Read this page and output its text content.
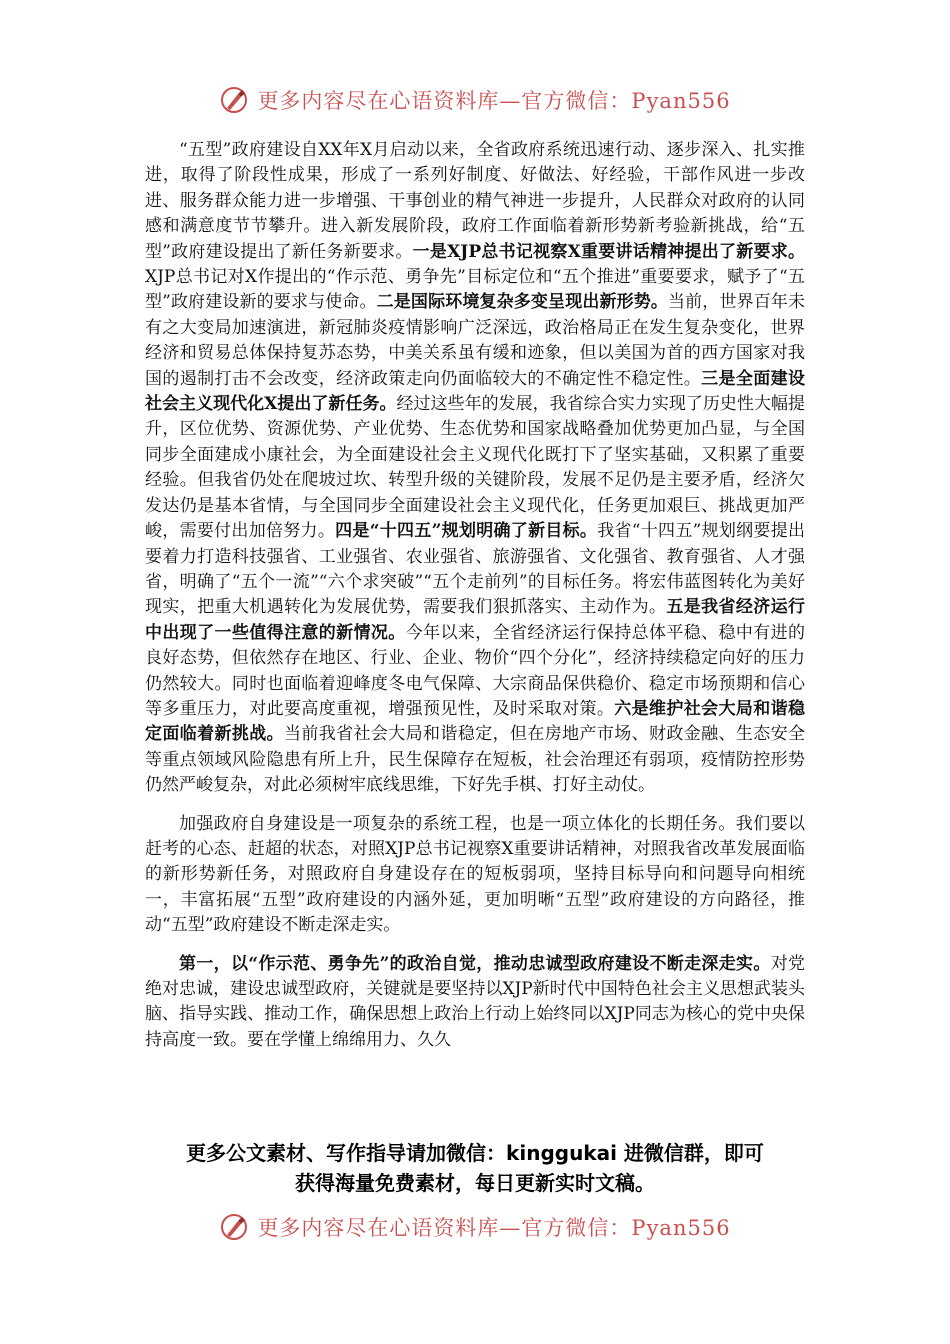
更多内容尽在心语资料库—官方微信：Pyan556

“五型”政府建设自XX年X月启动以来，全省政府系统迅速行动、逐步深入、扎实推进，取得了阶段性成果，形成了一系列好制度、好做法、好经验，干部作风进一步改进、服务群众能力进一步增强、干事创业的精气神进一步提升，人民群众对政府的认同感和满意度节节攀升。进入新发展阶段，政府工作面临着新形势新考验新挑战，给“五型”政府建设提出了新任务新要求。一是XJP总书记视察X重要讲话精神提出了新要求。XJP总书记对X作提出的“作示范、勇争先”目标定位和“五个推进”重要要求，赋予了“五型”政府建设新的要求与使命。二是国际环境复杂多变呈现出新形势。当前，世界百年未有之大变局加速演进，新冠肺炎疫情影响广泛深远，政治格局正在发生复杂变化，世界经济和贸易总体保持复苏态势，中美关系虽有缓和迹象，但以美国为首的西方国家对我国的遏制打击不会改变，经济政策走向仍面临较大的不确定性不稳定性。三是全面建设社会主义现代化X提出了新任务。经过这些年的发展，我省综合实力实现了历史性大幅提升，区位优势、资源优势、产业优势、生态优势和国家战略叠加优势更加凸显，与全国同步全面建成小康社会，为全面建设社会主义现代化既打下了坚实基础，又积累了重要经验。但我省仍处在爬坡过坎、转型升级的关键阶段，发展不足仍是主要矛盾，经济欠发达仍是基本省情，与全国同步全面建设社会主义现代化，任务更加艰巨、挑战更加严峻，需要付出加倍努力。四是“十四五”规划明确了新目标。我省“十四五”规划纲要提出要着力打造科技强省、工业强省、农业强省、旅游强省、文化强省、教育强省、人才强省，明确了“五个一流”“六个求突破”“五个走前列”的目标任务。将宏伟蓝图转化为美好现实，把重大机遇转化为发展优势，需要我们狠抓落实、主动作为。五是我省经济运行中出现了一些值得注意的新情况。今年以来，全省经济运行保持总体平稳、稳中有进的良好态势，但依然存在地区、行业、企业、物价“四个分化”，经济持续稳定向好的压力仍然较大。同时也面临着迎峰度冬电气保障、大宗商品保供稳价、稳定市场预期和信心等多重压力，对此要高度重视，增强预见性，及时采取对策。六是维护社会大局和谐稳定面临着新挑战。当前我省社会大局和谐稳定，但在房地产市场、财政金融、生态安全等重点领域风险隐患有所上升，民生保障存在短板，社会治理还有弱项，疫情防控形势仍然严峻复杂，对此必须树牢底线思维，下好先手棋、打好主动仗。

加强政府自身建设是一项复杂的系统工程，也是一项立体化的长期任务。我们要以赶考的心态、赶超的状态，对照XJP总书记视察X重要讲话精神，对照我省改革发展面临的新形势新任务，对照政府自身建设存在的短板弱项，坚持目标导向和问题导向相统一，丰富拓展“五型”政府建设的内涵外延，更加明晰“五型”政府建设的方向路径，推动“五型”政府建设不断走深走实。

第一，以“作示范、勇争先”的政治自觉，推动忠诚型政府建设不断走深走实。对党绝对忠诚，建设忠诚型政府，关键就是要坚持以XJP新时代中国特色社会主义思想武装头脑、指导实践、推动工作，确保思想上政治上行动上始终同以XJP同志为核心的党中央保持高度一致。要在学懂上绵绵用力、久久

更多公文素材、写作指导请加微信：kinggukai 进微信群，即可
获得海量免费素材，每日更新实时文稿。
更多内容尽在心语资料库—官方微信：Pyan556
